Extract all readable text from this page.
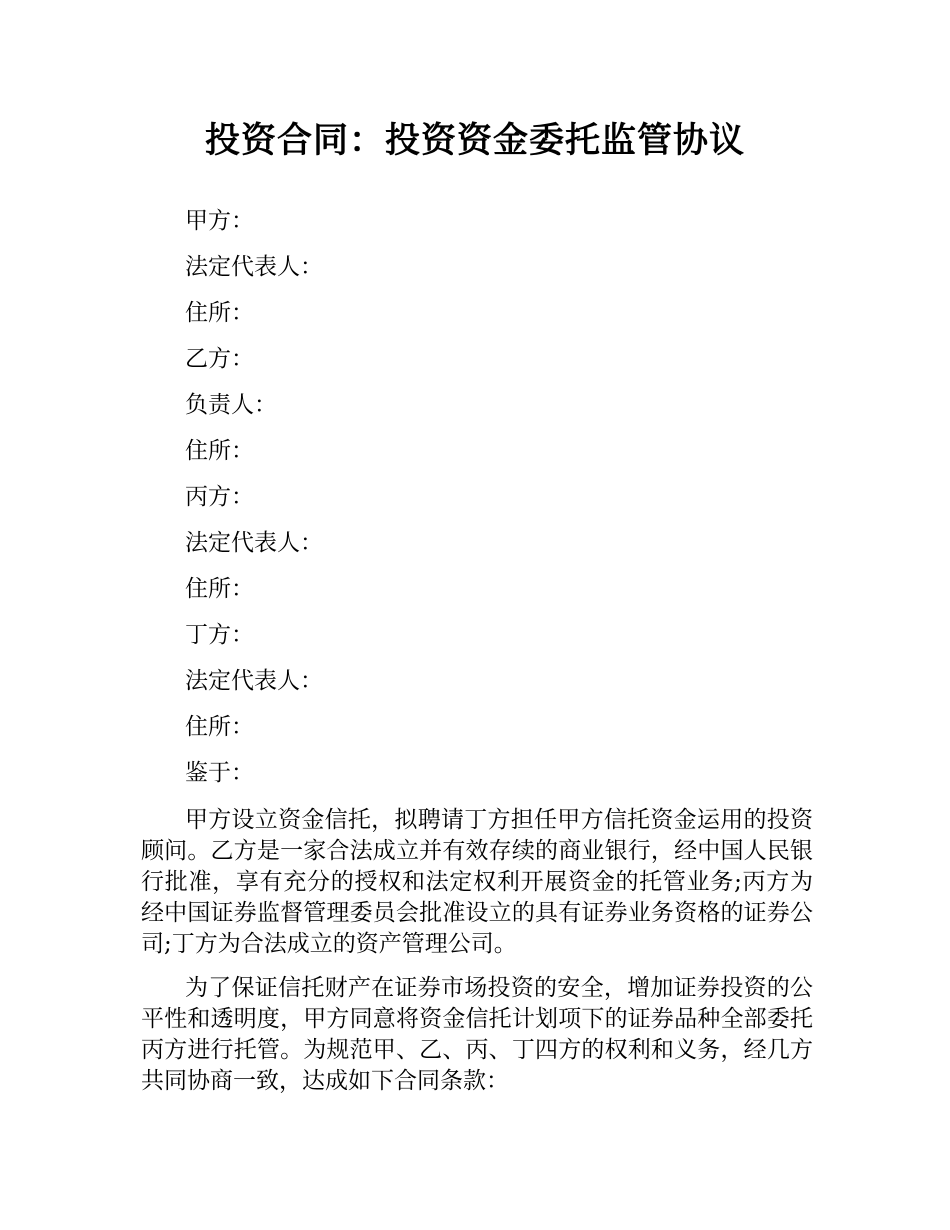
投资合同：投资资金委托监管协议
甲方：
法定代表人：
住所：
乙方：
负责人：
住所：
丙方：
法定代表人：
住所：
丁方：
法定代表人：
住所：
鉴于：

甲方设立资金信托，拟聘请丁方担任甲方信托资金运用的投资顾问。乙方是一家合法成立并有效存续的商业银行，经中国人民银行批准，享有充分的授权和法定权利开展资金的托管业务;丙方为经中国证券监督管理委员会批准设立的具有证券业务资格的证券公司;丁方为合法成立的资产管理公司。

为了保证信托财产在证券市场投资的安全，增加证券投资的公平性和透明度，甲方同意将资金信托计划项下的证券品种全部委托丙方进行托管。为规范甲、乙、丙、丁四方的权利和义务，经几方共同协商一致，达成如下合同条款：
